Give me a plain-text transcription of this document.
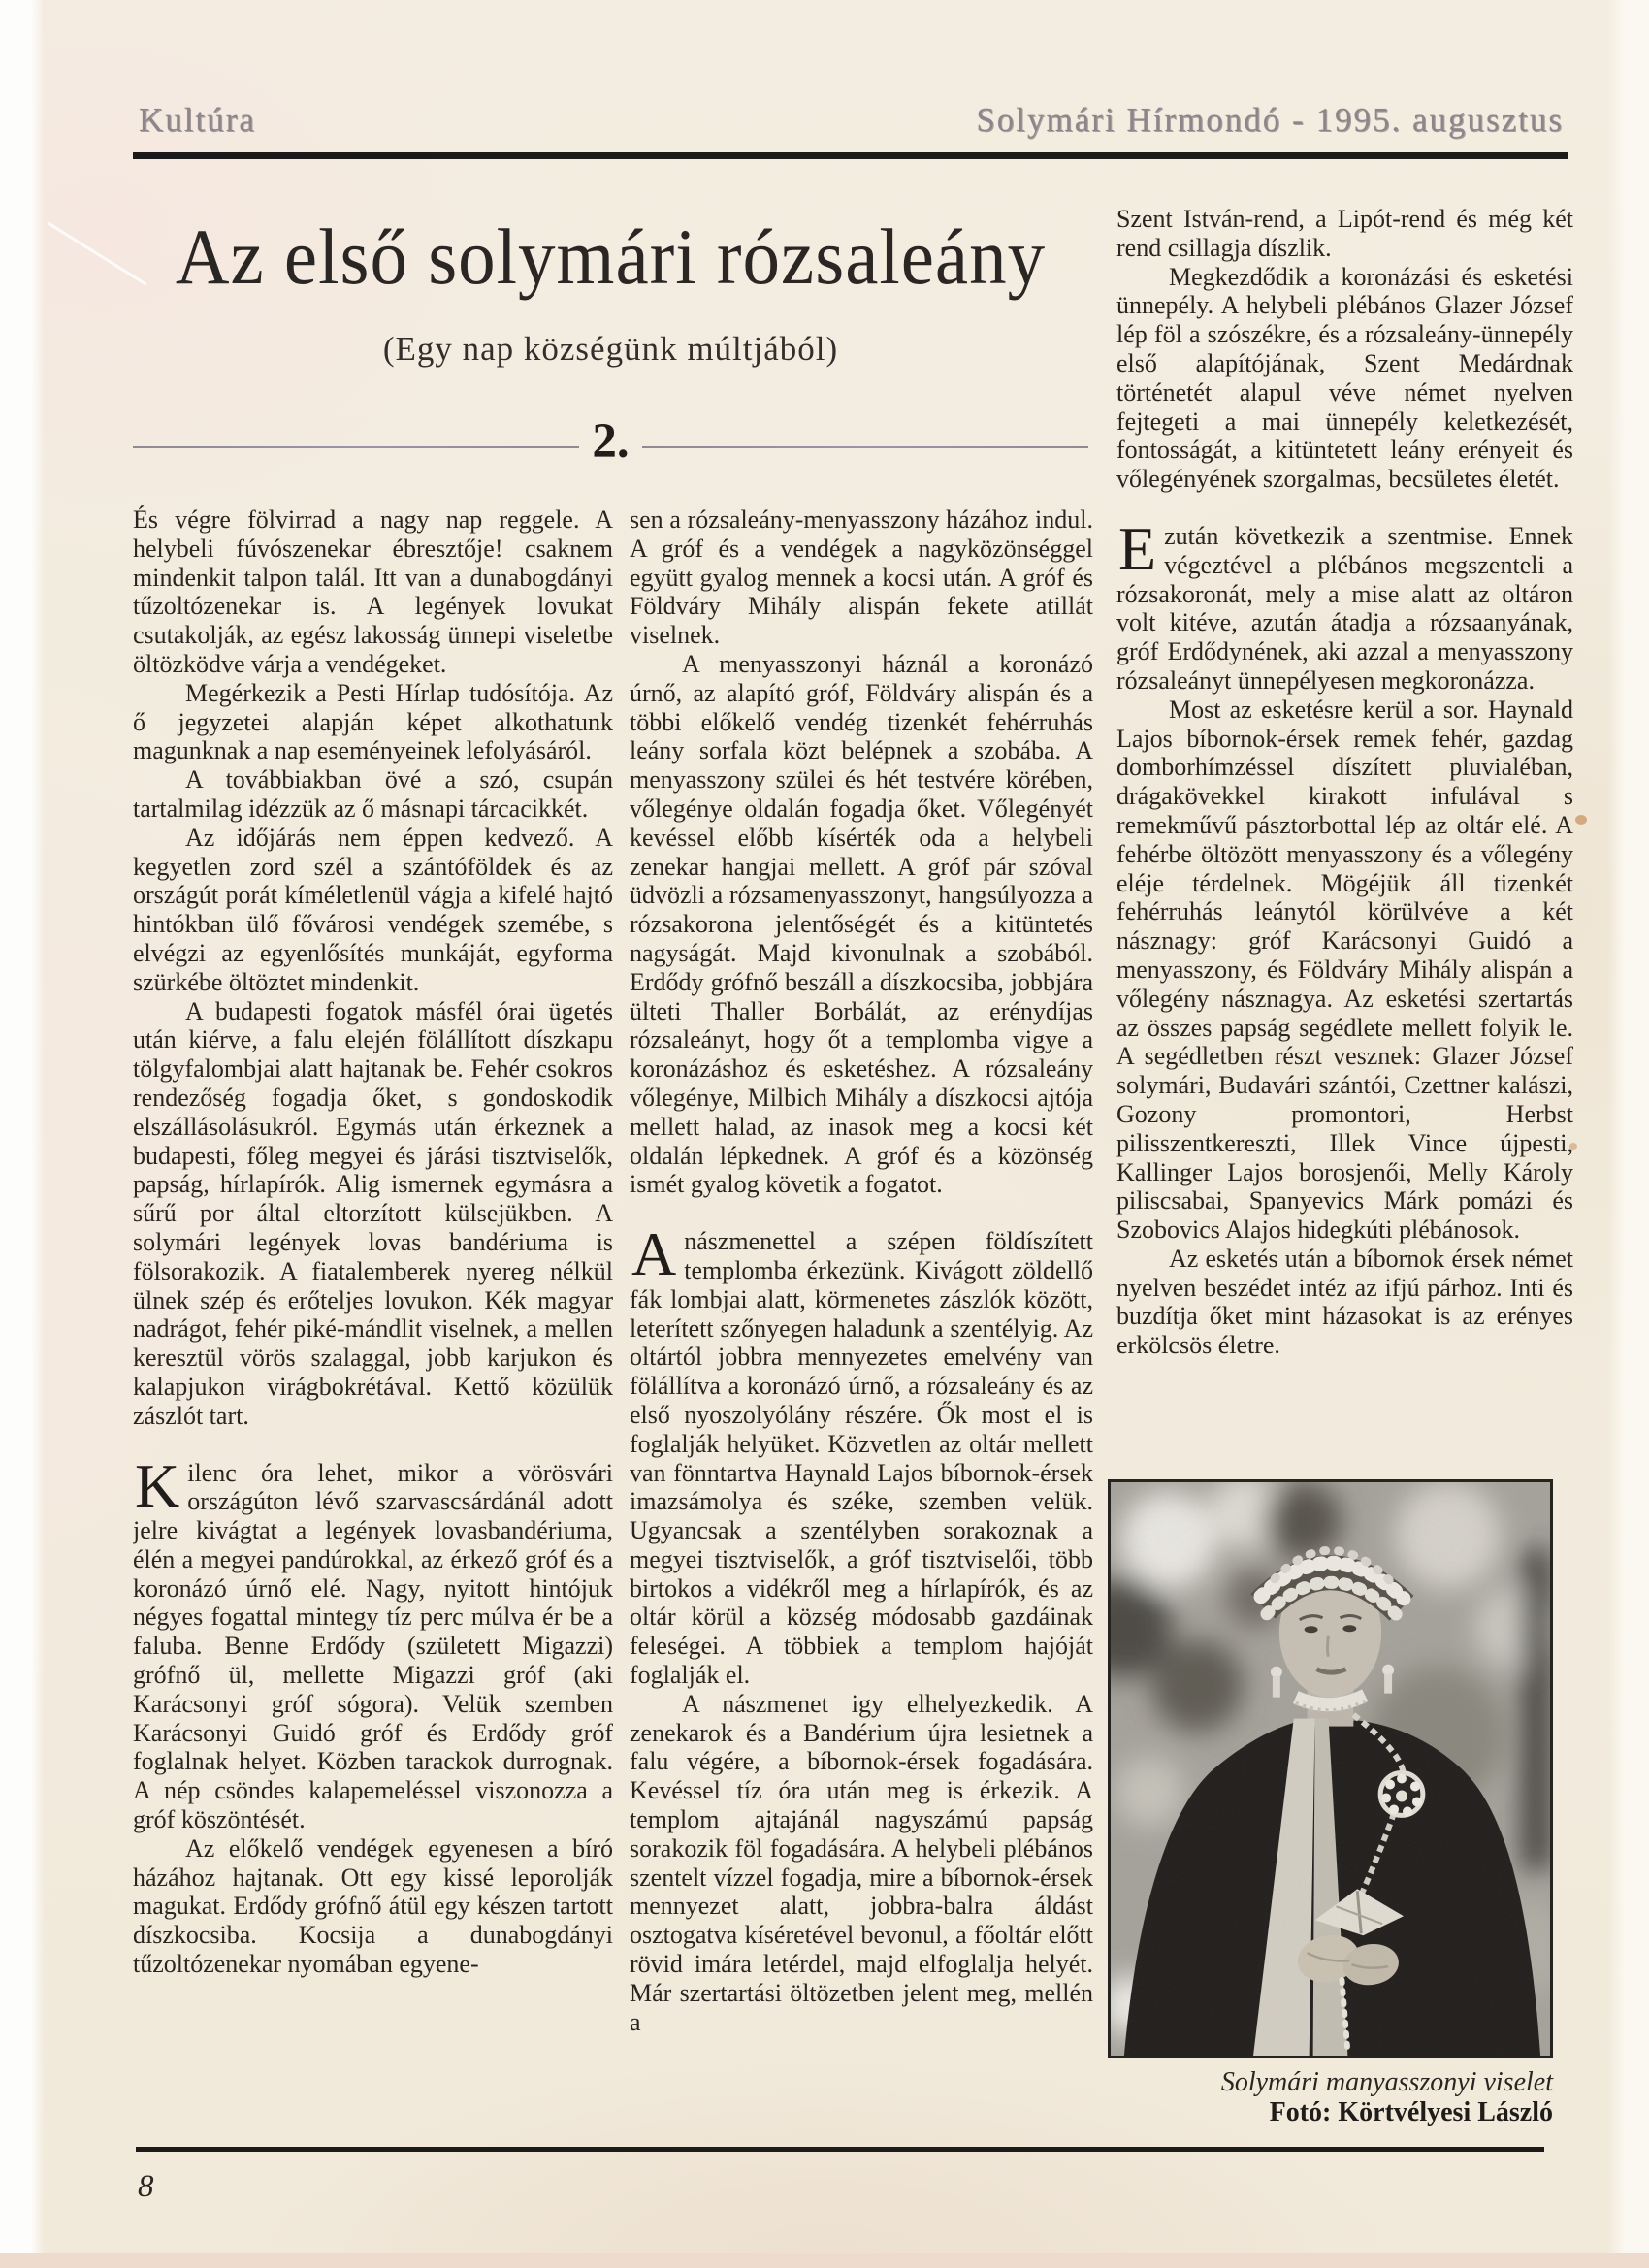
Kultúra	Solymári Hírmondó - 1995. augusztus
Az első solymári rózsaleány
(Egy nap községünk múltjából)
2.

És végre fölvirrad a nagy nap reggele. A helybeli fúvószenekar ébresztője! csaknem mindenkit talpon talál. Itt van a dunabogdányi tűzoltózenekar is. A legények lovukat csutakolják, az egész lakosság ünnepi viseletbe öltözködve várja a vendégeket.

Megérkezik a Pesti Hírlap tudósítója. Az ő jegyzetei alapján képet alkothatunk magunknak a nap eseményeinek lefolyásáról.

A továbbiakban övé a szó, csupán tartalmilag idézzük az ő másnapi tárcacikkét.

Az időjárás nem éppen kedvező. A kegyetlen zord szél a szántóföldek és az országút porát kíméletlenül vágja a kifelé hajtó hintókban ülő fővárosi vendégek szemébe, s elvégzi az egyenlősítés munkáját, egyforma szürkébe öltöztet mindenkit.

A budapesti fogatok másfél órai ügetés után kiérve, a falu elején fölállított díszkapu tölgyfalombjai alatt hajtanak be. Fehér csokros rendezőség fogadja őket, s gondoskodik elszállásolásukról. Egymás után érkeznek a budapesti, főleg megyei és járási tisztviselők, papság, hírlapírók. Alig ismernek egymásra a sűrű por által eltorzított külsejükben. A solymári legények lovas bandériuma is fölsorakozik. A fiatalemberek nyereg nélkül ülnek szép és erőteljes lovukon. Kék magyar nadrágot, fehér piké-mándlit viselnek, a mellen keresztül vörös szalaggal, jobb karjukon és kalapjukon virágbokrétával. Kettő közülük zászlót tart.

Kilenc óra lehet, mikor a vörösvári országúton lévő szarvascsárdánál adott jelre kivágtat a legények lovasbandériuma, élén a megyei pandúrokkal, az érkező gróf és a koronázó úrnő elé. Nagy, nyitott hintójuk négyes fogattal mintegy tíz perc múlva ér be a faluba. Benne Erdődy (született Migazzi) grófnő ül, mellette Migazzi gróf (aki Karácsonyi gróf sógora). Velük szemben Karácsonyi Guidó gróf és Erdődy gróf foglalnak helyet. Közben tarackok durrognak. A nép csöndes kalapemeléssel viszonozza a gróf köszöntését.

Az előkelő vendégek egyenesen a bíró házához hajtanak. Ott egy kissé leporolják magukat. Erdődy grófnő átül egy készen tartott díszkocsiba. Kocsija a dunabogdányi tűzoltózenekar nyomában egyene-

sen a rózsaleány-menyasszony házához indul. A gróf és a vendégek a nagyközönséggel együtt gyalog mennek a kocsi után. A gróf és Földváry Mihály alispán fekete atillát viselnek.

A menyasszonyi háznál a koronázó úrnő, az alapító gróf, Földváry alispán és a többi előkelő vendég tizenkét fehérruhás leány sorfala közt belépnek a szobába. A menyasszony szülei és hét testvére körében, vőlegénye oldalán fogadja őket. Vőlegényét kevéssel előbb kísérték oda a helybeli zenekar hangjai mellett. A gróf pár szóval üdvözli a rózsamenyasszonyt, hangsúlyozza a rózsakorona jelentőségét és a kitüntetés nagyságát. Majd kivonulnak a szobából. Erdődy grófnő beszáll a díszkocsiba, jobbjára ülteti Thaller Borbálát, az erénydíjas rózsaleányt, hogy őt a templomba vigye a koronázáshoz és esketéshez. A rózsaleány vőlegénye, Milbich Mihály a díszkocsi ajtója mellett halad, az inasok meg a kocsi két oldalán lépkednek. A gróf és a közönség ismét gyalog követik a fogatot.

Anászmenettel a szépen földíszített templomba érkezünk. Kivágott zöldellő fák lombjai alatt, körmenetes zászlók között, leterített szőnyegen haladunk a szentélyig. Az oltártól jobbra mennyezetes emelvény van fölállítva a koronázó úrnő, a rózsaleány és az első nyoszolyólány részére. Ők most el is foglalják helyüket. Közvetlen az oltár mellett van fönntartva Haynald Lajos bíbornok-érsek imazsámolya és széke, szemben velük. Ugyancsak a szentélyben sorakoznak a megyei tisztviselők, a gróf tisztviselői, több birtokos a vidékről meg a hírlapírók, és az oltár körül a község módosabb gazdáinak feleségei. A többiek a templom hajóját foglalják el.

A nászmenet igy elhelyezkedik. A zenekarok és a Bandérium újra lesietnek a falu végére, a bíbornok-érsek fogadására. Kevéssel tíz óra után meg is érkezik. A templom ajtajánál nagyszámú papság sorakozik föl fogadására. A helybeli plébános szentelt vízzel fogadja, mire a bíbornok-érsek mennyezet alatt, jobbra-balra áldást osztogatva kíséretével bevonul, a főoltár előtt rövid imára letérdel, majd elfoglalja helyét. Már szertartási öltözetben jelent meg, mellén a

Szent István-rend, a Lipót-rend és még két rend csillagja díszlik.

Megkezdődik a koronázási és esketési ünnepély. A helybeli plébános Glazer József lép föl a szószékre, és a rózsaleány-ünnepély első alapítójának, Szent Medárdnak történetét alapul véve német nyelven fejtegeti a mai ünnepély keletkezését, fontosságát, a kitüntetett leány erényeit és vőlegényének szorgalmas, becsületes életét.

Ezután következik a szentmise. Ennek végeztével a plébános megszenteli a rózsakoronát, mely a mise alatt az oltáron volt kitéve, azután átadja a rózsaanyának, gróf Erdődynének, aki azzal a menyasszony rózsaleányt ünnepélyesen megkoronázza.

Most az esketésre kerül a sor. Haynald Lajos bíbornok-érsek remek fehér, gazdag domborhímzéssel díszített pluvialéban, drágakövekkel kirakott infulával s remekművű pásztorbottal lép az oltár elé. A fehérbe öltözött menyasszony és a vőlegény eléje térdelnek. Mögéjük áll tizenkét fehérruhás leánytól körülvéve a két násznagy: gróf Karácsonyi Guidó a menyasszony, és Földváry Mihály alispán a vőlegény násznagya. Az esketési szertartás az összes papság segédlete mellett folyik le. A segédletben részt vesznek: Glazer József solymári, Budavári szántói, Czettner kalászi, Gozony promontori, Herbst pilisszentkereszti, Illek Vince újpesti, Kallinger Lajos borosjenői, Melly Károly piliscsabai, Spanyevics Márk pomázi és Szobovics Alajos hidegkúti plébánosok.

Az esketés után a bíbornok érsek német nyelven beszédet intéz az ifjú párhoz. Inti és buzdítja őket mint házasokat is az erényes erkölcsös életre.

Solymári manyasszonyi viselet
Fotó: Körtvélyesi László
8
